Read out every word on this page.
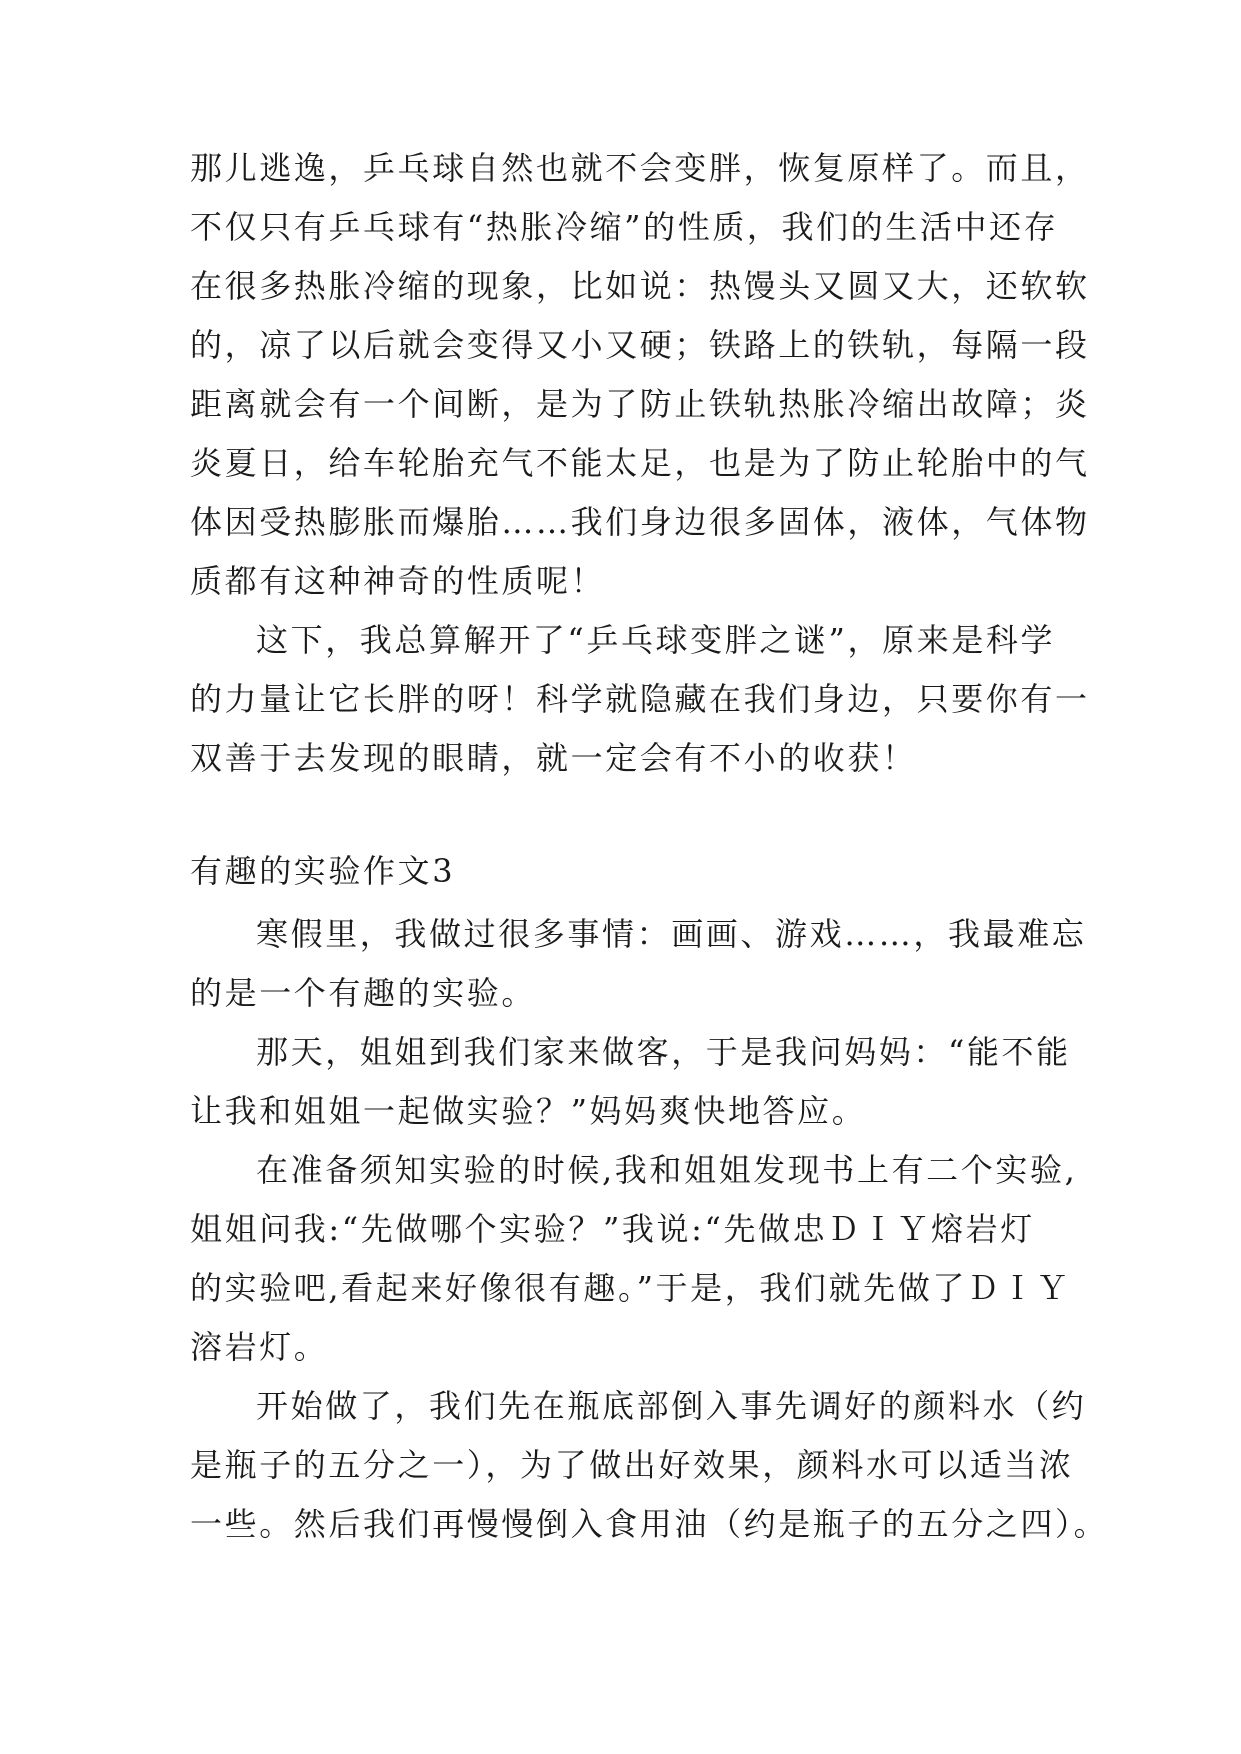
那儿逃逸，乒乓球自然也就不会变胖，恢复原样了。而且，
不仅只有乒乓球有“热胀冷缩”的性质，我们的生活中还存
在很多热胀冷缩的现象，比如说：热馒头又圆又大，还软软
的，凉了以后就会变得又小又硬；铁路上的铁轨，每隔一段
距离就会有一个间断，是为了防止铁轨热胀冷缩出故障；炎
炎夏日，给车轮胎充气不能太足，也是为了防止轮胎中的气
体因受热膨胀而爆胎……我们身边很多固体，液体，气体物
质都有这种神奇的性质呢！
这下，我总算解开了“乒乓球变胖之谜”，原来是科学
的力量让它长胖的呀！科学就隐藏在我们身边，只要你有一
双善于去发现的眼睛，就一定会有不小的收获！
有趣的实验作文3
寒假里，我做过很多事情：画画、游戏……，我最难忘
的是一个有趣的实验。
那天，姐姐到我们家来做客，于是我问妈妈：“能不能
让我和姐姐一起做实验？”妈妈爽快地答应。
在准备须知实验的时候,我和姐姐发现书上有二个实验,
姐姐问我:“先做哪个实验？”我说:“先做忠ＤＩＹ熔岩灯
的实验吧,看起来好像很有趣。”于是，我们就先做了ＤＩＹ
溶岩灯。
开始做了，我们先在瓶底部倒入事先调好的颜料水（约
是瓶子的五分之一），为了做出好效果，颜料水可以适当浓
一些。然后我们再慢慢倒入食用油（约是瓶子的五分之四）。
